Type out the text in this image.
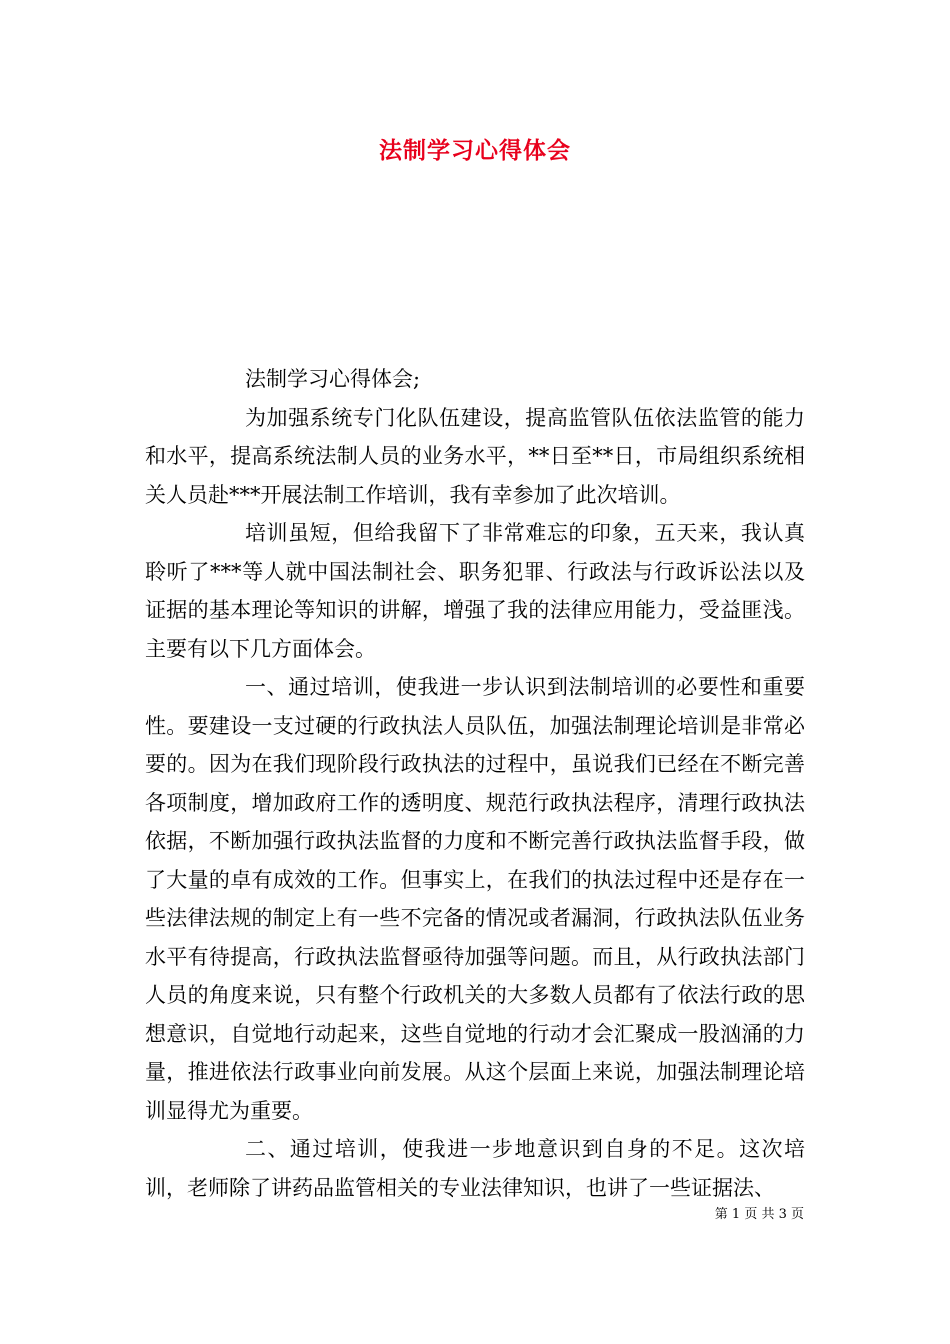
法制学习心得体会

法制学习心得体会;

为加强系统专门化队伍建设，提高监管队伍依法监管的能力和水平，提高系统法制人员的业务水平，**日至**日，市局组织系统相关人员赴***开展法制工作培训，我有幸参加了此次培训。

培训虽短，但给我留下了非常难忘的印象，五天来，我认真聆听了***等人就中国法制社会、职务犯罪、行政法与行政诉讼法以及证据的基本理论等知识的讲解，增强了我的法律应用能力，受益匪浅。主要有以下几方面体会。

一、通过培训，使我进一步认识到法制培训的必要性和重要性。要建设一支过硬的行政执法人员队伍，加强法制理论培训是非常必要的。因为在我们现阶段行政执法的过程中，虽说我们已经在不断完善各项制度，增加政府工作的透明度、规范行政执法程序，清理行政执法依据，不断加强行政执法监督的力度和不断完善行政执法监督手段，做了大量的卓有成效的工作。但事实上，在我们的执法过程中还是存在一些法律法规的制定上有一些不完备的情况或者漏洞，行政执法队伍业务水平有待提高，行政执法监督亟待加强等问题。而且，从行政执法部门人员的角度来说，只有整个行政机关的大多数人员都有了依法行政的思想意识，自觉地行动起来，这些自觉地的行动才会汇聚成一股汹涌的力量，推进依法行政事业向前发展。从这个层面上来说，加强法制理论培训显得尤为重要。

二、通过培训，使我进一步地意识到自身的不足。这次培训，老师除了讲药品监管相关的专业法律知识，也讲了一些证据法、

第 1 页 共 3 页
